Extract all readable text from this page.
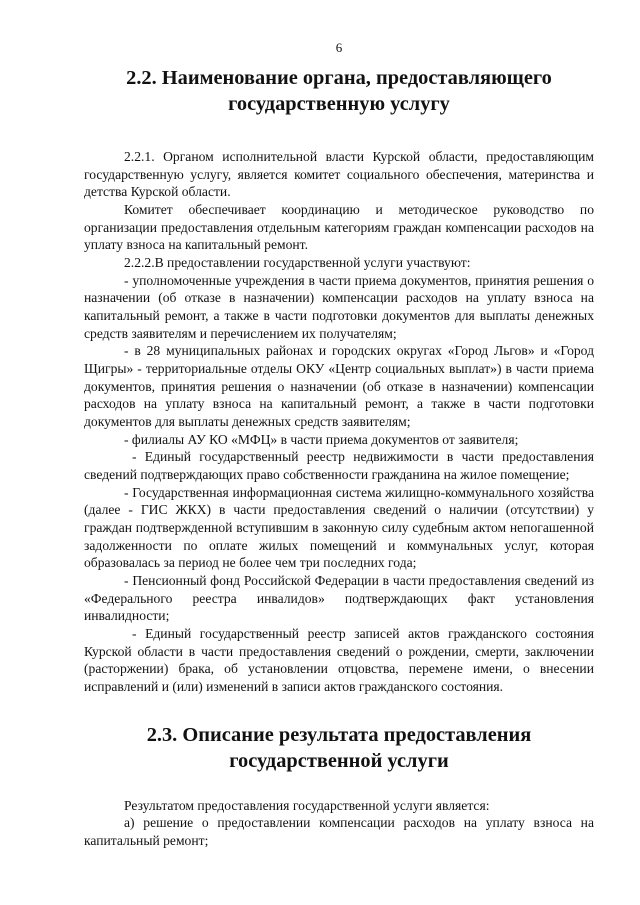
6
2.2. Наименование органа, предоставляющего государственную услугу

2.2.1. Органом исполнительной власти Курской области, предоставляющим государственную услугу, является комитет социального обеспечения, материнства и детства Курской области.

Комитет обеспечивает координацию и методическое руководство по организации предоставления отдельным категориям граждан компенсации расходов на уплату взноса на капитальный ремонт.

2.2.2.В предоставлении государственной услуги участвуют:

- уполномоченные учреждения в части приема документов, принятия решения о назначении (об отказе в назначении) компенсации расходов на уплату взноса на капитальный ремонт, а также в части подготовки документов для выплаты денежных средств заявителям и перечислением их получателям;

- в 28 муниципальных районах и городских округах «Город Льгов» и «Город Щигры» - территориальные отделы ОКУ «Центр социальных выплат») в части приема документов, принятия решения о назначении (об отказе в назначении) компенсации расходов на уплату взноса на капитальный ремонт, а также в части подготовки документов для выплаты денежных средств заявителям;

- филиалы АУ КО «МФЦ» в части приема документов от заявителя;

- Единый государственный реестр недвижимости в части предоставления сведений подтверждающих право собственности гражданина на жилое помещение;

- Государственная информационная система жилищно-коммунального хозяйства (далее - ГИС ЖКХ) в части предоставления сведений о наличии (отсутствии) у граждан подтвержденной вступившим в законную силу судебным актом непогашенной задолженности по оплате жилых помещений и коммунальных услуг, которая образовалась за период не более чем три последних года;

- Пенсионный фонд Российской Федерации в части предоставления сведений из «Федерального реестра инвалидов» подтверждающих факт установления инвалидности;

- Единый государственный реестр записей актов гражданского состояния Курской области в части предоставления сведений о рождении, смерти, заключении (расторжении) брака, об установлении отцовства, перемене имени, о внесении исправлений и (или) изменений в записи актов гражданского состояния.

2.3. Описание результата предоставления государственной услуги

Результатом предоставления государственной услуги является:

а) решение о предоставлении компенсации расходов на уплату взноса на капитальный ремонт;
